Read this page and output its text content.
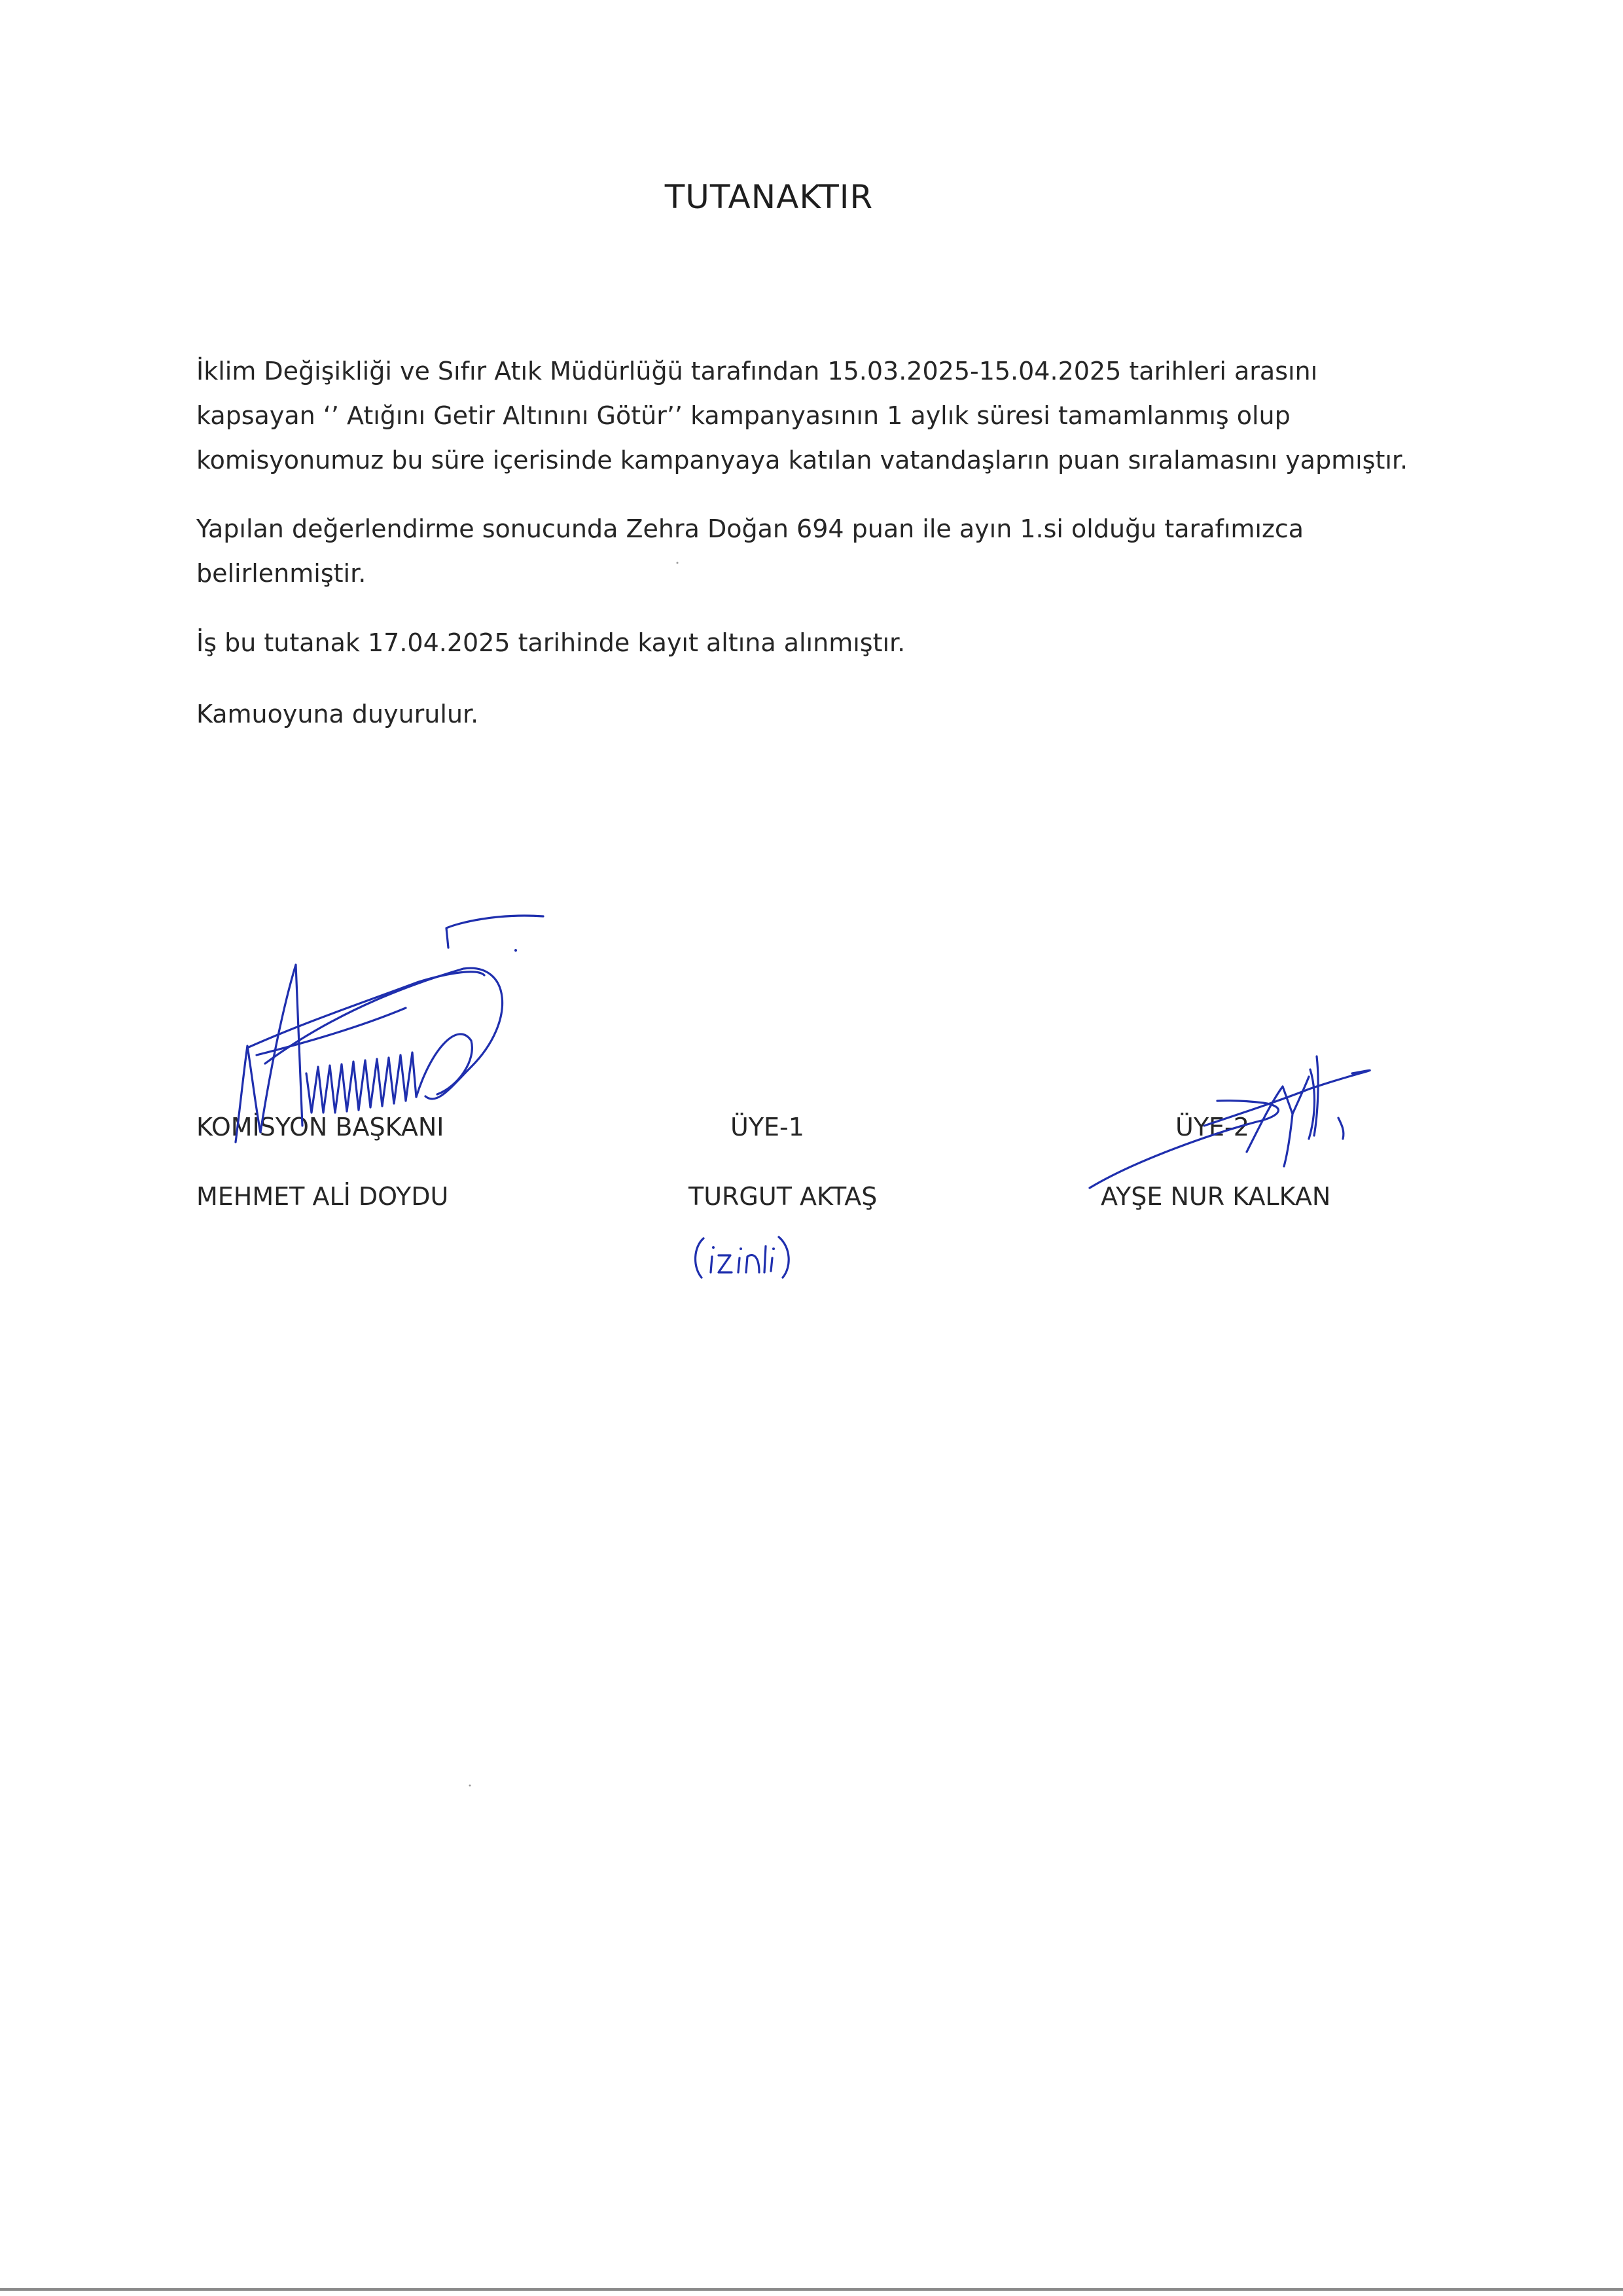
TUTANAKTIR
İklim Değişikliği ve Sıfır Atık Müdürlüğü tarafından 15.03.2025-15.04.2025 tarihleri arasını kapsayan ‘’ Atığını Getir Altınını Götür’’ kampanyasının 1 aylık süresi tamamlanmış olup komisyonumuz bu süre içerisinde kampanyaya katılan vatandaşların puan sıralamasını yapmıştır.
Yapılan değerlendirme sonucunda Zehra Doğan 694 puan ile ayın 1.si olduğu tarafımızca belirlenmiştir.
İş bu tutanak 17.04.2025 tarihinde kayıt altına alınmıştır.
Kamuoyuna duyurulur.
KOMİSYON BAŞKANI	ÜYE-1	ÜYE-2
MEHMET ALİ DOYDU	TURGUT AKTAŞ	AYŞE NUR KALKAN
